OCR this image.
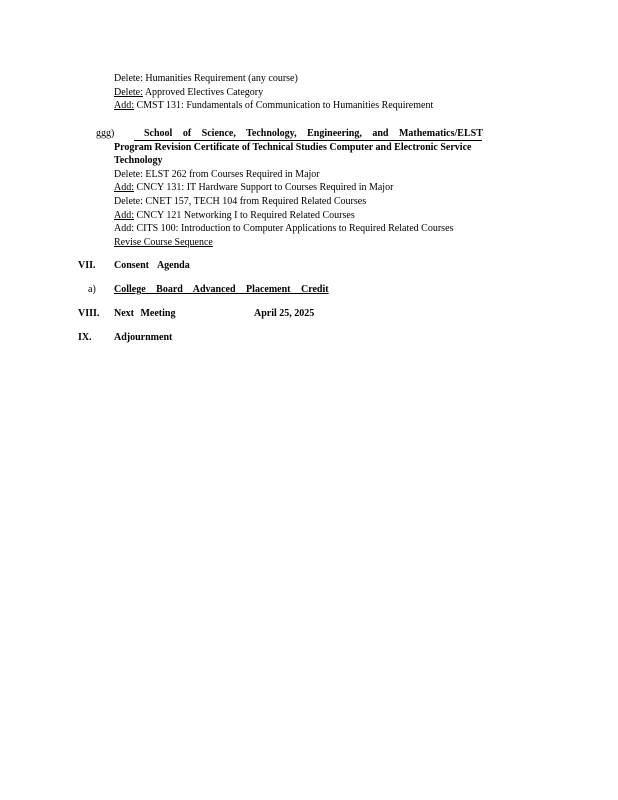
Delete: Humanities Requirement (any course)
Delete: Approved Electives Category
Add: CMST 131: Fundamentals of Communication to Humanities Requirement
ggg)	School of Science, Technology, Engineering, and Mathematics/ELST
Program Revision Certificate of Technical Studies Computer and Electronic Service
Technology
Delete: ELST 262 from Courses Required in Major
Add: CNCY 131: IT Hardware Support to Courses Required in Major
Delete: CNET 157, TECH 104 from Required Related Courses
Add: CNCY 121 Networking I to Required Related Courses
Add: CITS 100: Introduction to Computer Applications to Required Related Courses
Revise Course Sequence
VII. Consent Agenda
a) College Board Advanced Placement Credit
VIII. Next Meeting	April 25, 2025
IX. Adjournment
